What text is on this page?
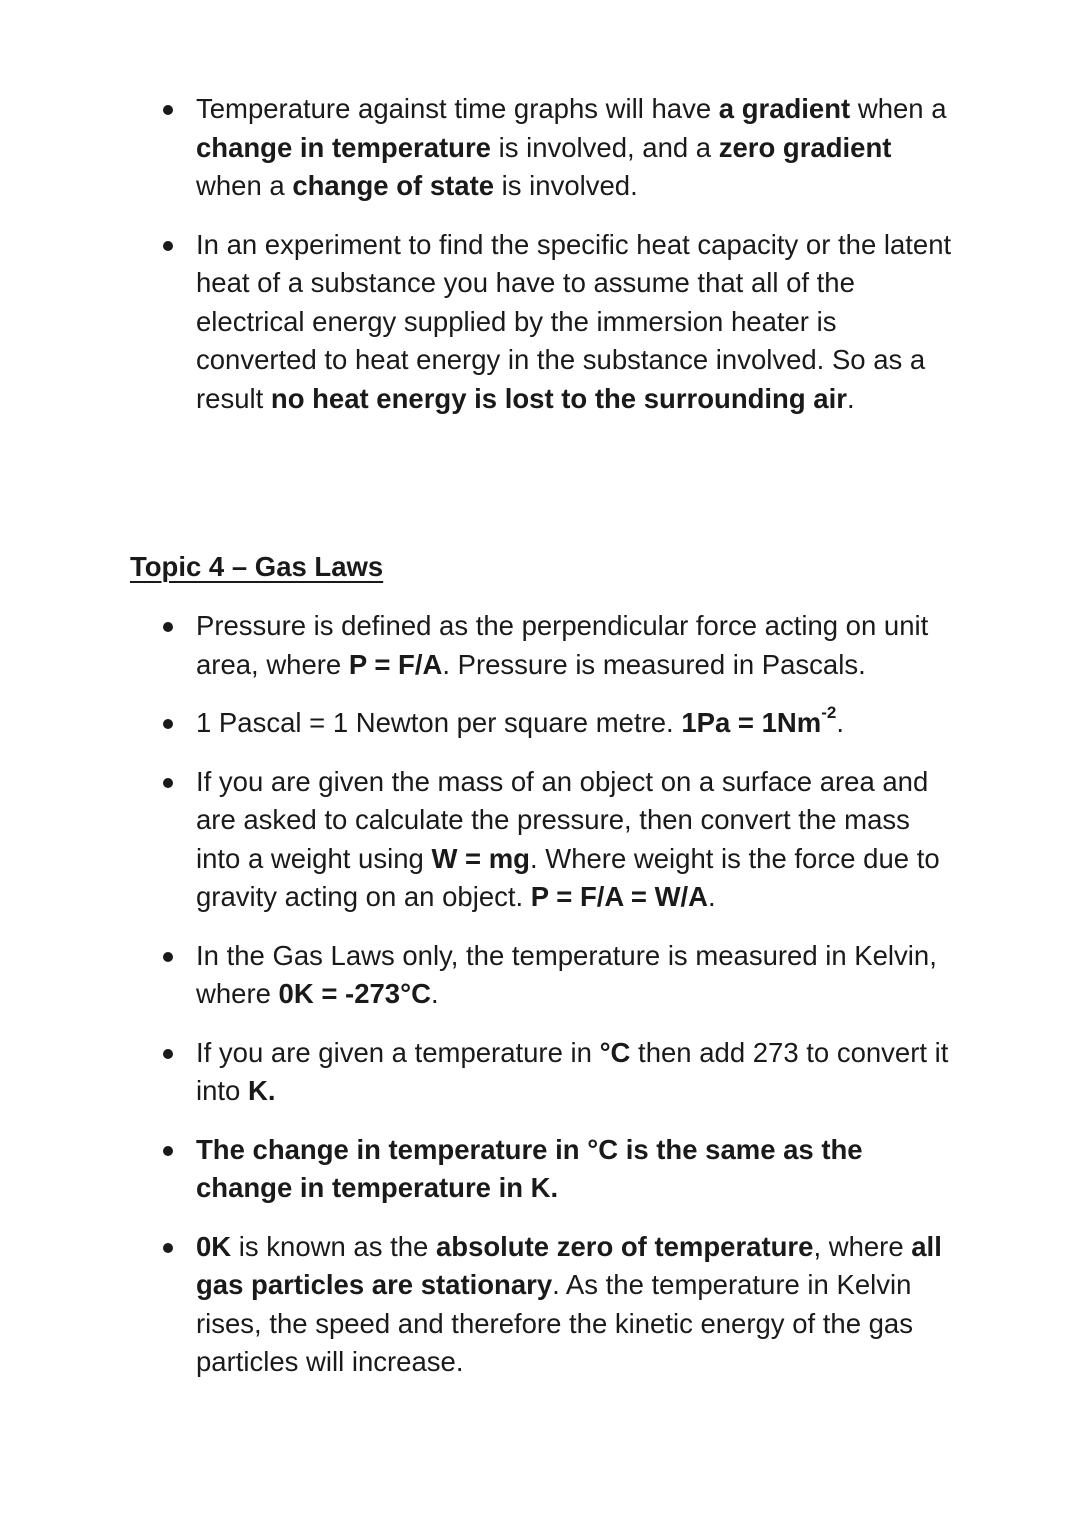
Temperature against time graphs will have a gradient when a change in temperature is involved, and a zero gradient when a change of state is involved.
In an experiment to find the specific heat capacity or the latent heat of a substance you have to assume that all of the electrical energy supplied by the immersion heater is converted to heat energy in the substance involved. So as a result no heat energy is lost to the surrounding air.
Topic 4 – Gas Laws
Pressure is defined as the perpendicular force acting on unit area, where P = F/A. Pressure is measured in Pascals.
1 Pascal = 1 Newton per square metre. $1Pa = 1Nm^{-2}$.
If you are given the mass of an object on a surface area and are asked to calculate the pressure, then convert the mass into a weight using W = mg. Where weight is the force due to gravity acting on an object. P = F/A = W/A.
In the Gas Laws only, the temperature is measured in Kelvin, where 0K = -273°C.
If you are given a temperature in °C then add 273 to convert it into K.
The change in temperature in °C is the same as the change in temperature in K.
0K is known as the absolute zero of temperature, where all gas particles are stationary. As the temperature in Kelvin rises, the speed and therefore the kinetic energy of the gas particles will increase.
